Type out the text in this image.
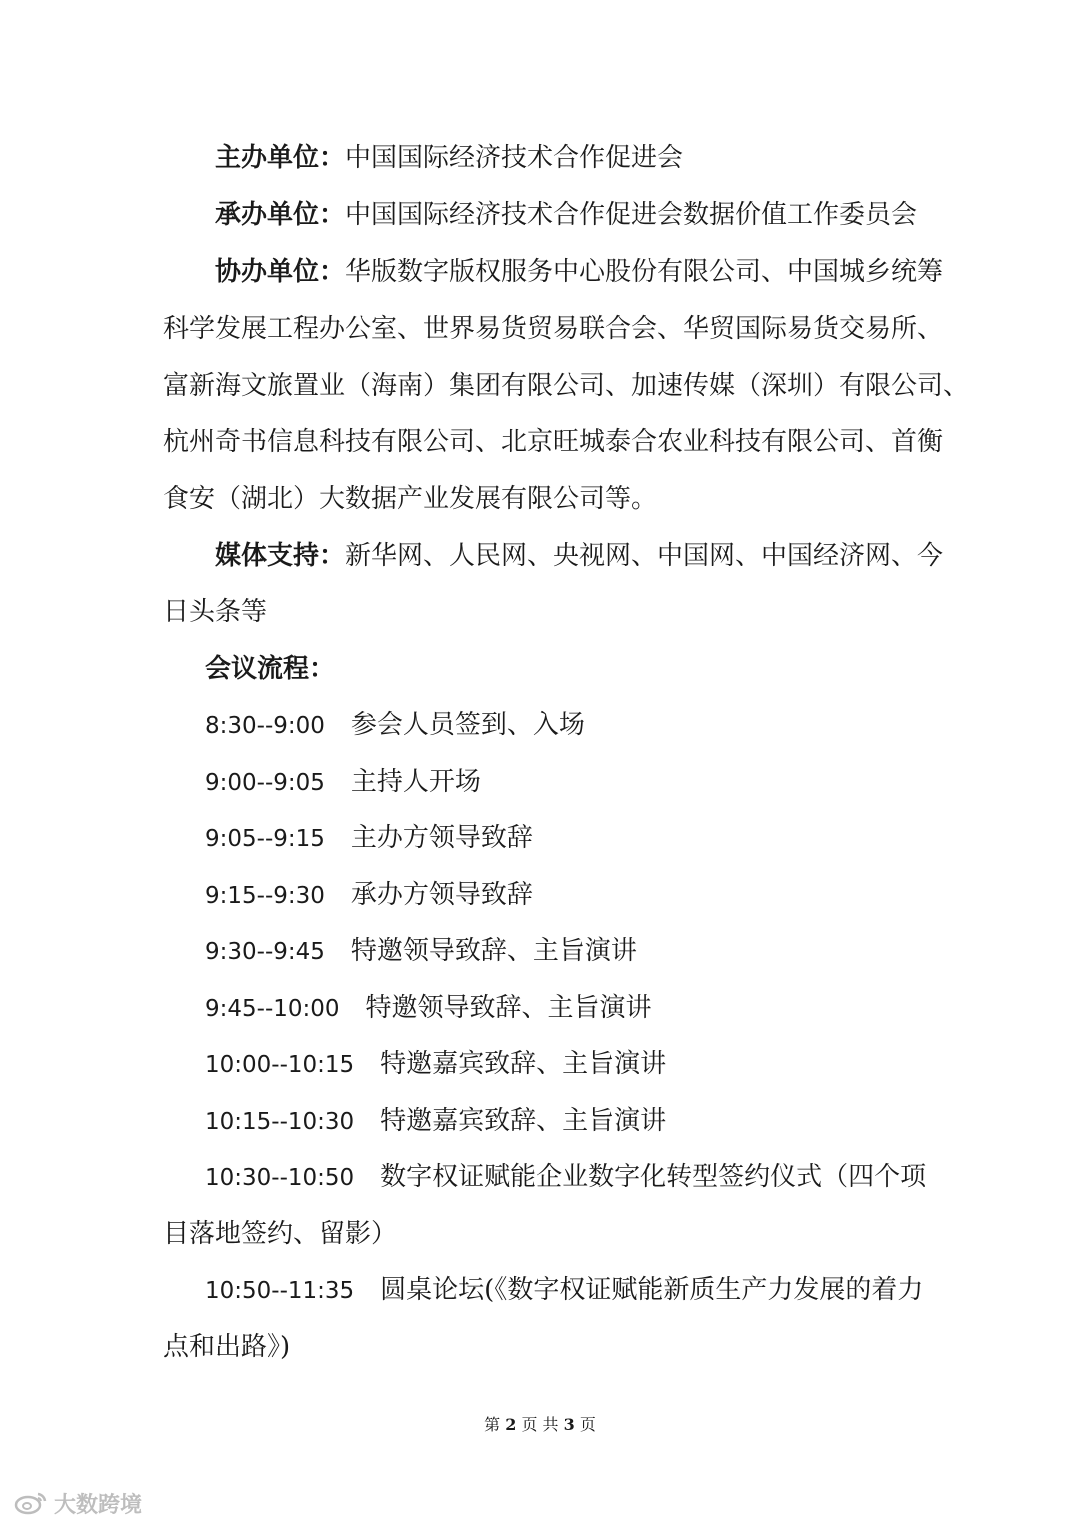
主办单位：中国国际经济技术合作促进会
承办单位：中国国际经济技术合作促进会数据价值工作委员会
协办单位：华版数字版权服务中心股份有限公司、中国城乡统筹
科学发展工程办公室、世界易货贸易联合会、华贸国际易货交易所、
富新海文旅置业（海南）集团有限公司、加速传媒（深圳）有限公司、
杭州奇书信息科技有限公司、北京旺城泰合农业科技有限公司、首衡
食安（湖北）大数据产业发展有限公司等。
媒体支持：新华网、人民网、央视网、中国网、中国经济网、今
日头条等
会议流程：
8:30--9:00 参会人员签到、入场
9:00--9:05 主持人开场
9:05--9:15 主办方领导致辞
9:15--9:30 承办方领导致辞
9:30--9:45 特邀领导致辞、主旨演讲
9:45--10:00 特邀领导致辞、主旨演讲
10:00--10:15 特邀嘉宾致辞、主旨演讲
10:15--10:30 特邀嘉宾致辞、主旨演讲
10:30--10:50 数字权证赋能企业数字化转型签约仪式（四个项
目落地签约、留影）
10:50--11:35 圆桌论坛(《数字权证赋能新质生产力发展的着力
点和出路》)
第 2 页 共 3 页
大数跨境
